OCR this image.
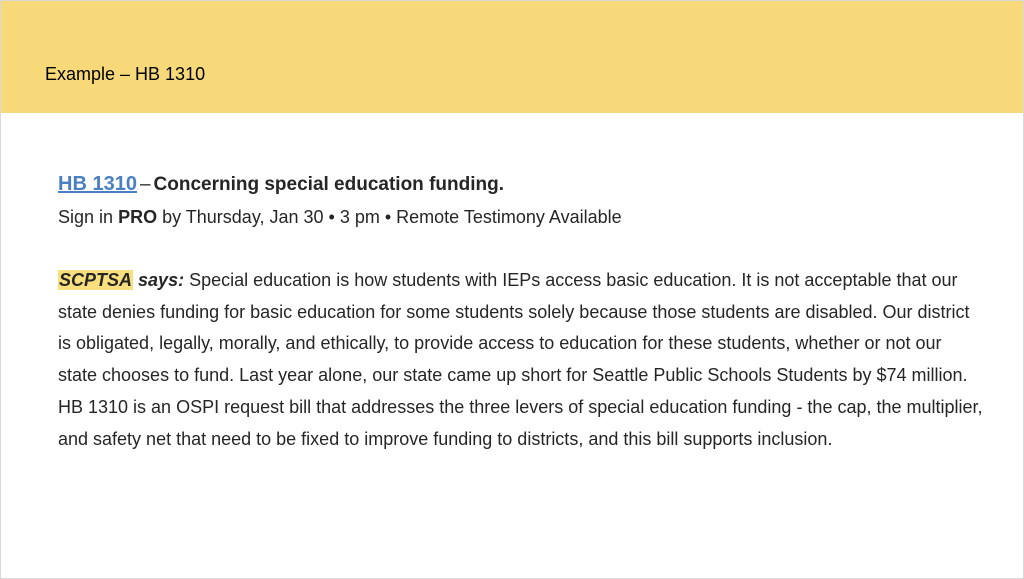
Example – HB 1310
HB 1310 – Concerning special education funding.
Sign in PRO by Thursday, Jan 30 • 3 pm • Remote Testimony Available
SCPTSA says: Special education is how students with IEPs access basic education. It is not acceptable that our state denies funding for basic education for some students solely because those students are disabled. Our district is obligated, legally, morally, and ethically, to provide access to education for these students, whether or not our state chooses to fund. Last year alone, our state came up short for Seattle Public Schools Students by $74 million. HB 1310 is an OSPI request bill that addresses the three levers of special education funding - the cap, the multiplier, and safety net that need to be fixed to improve funding to districts, and this bill supports inclusion.
